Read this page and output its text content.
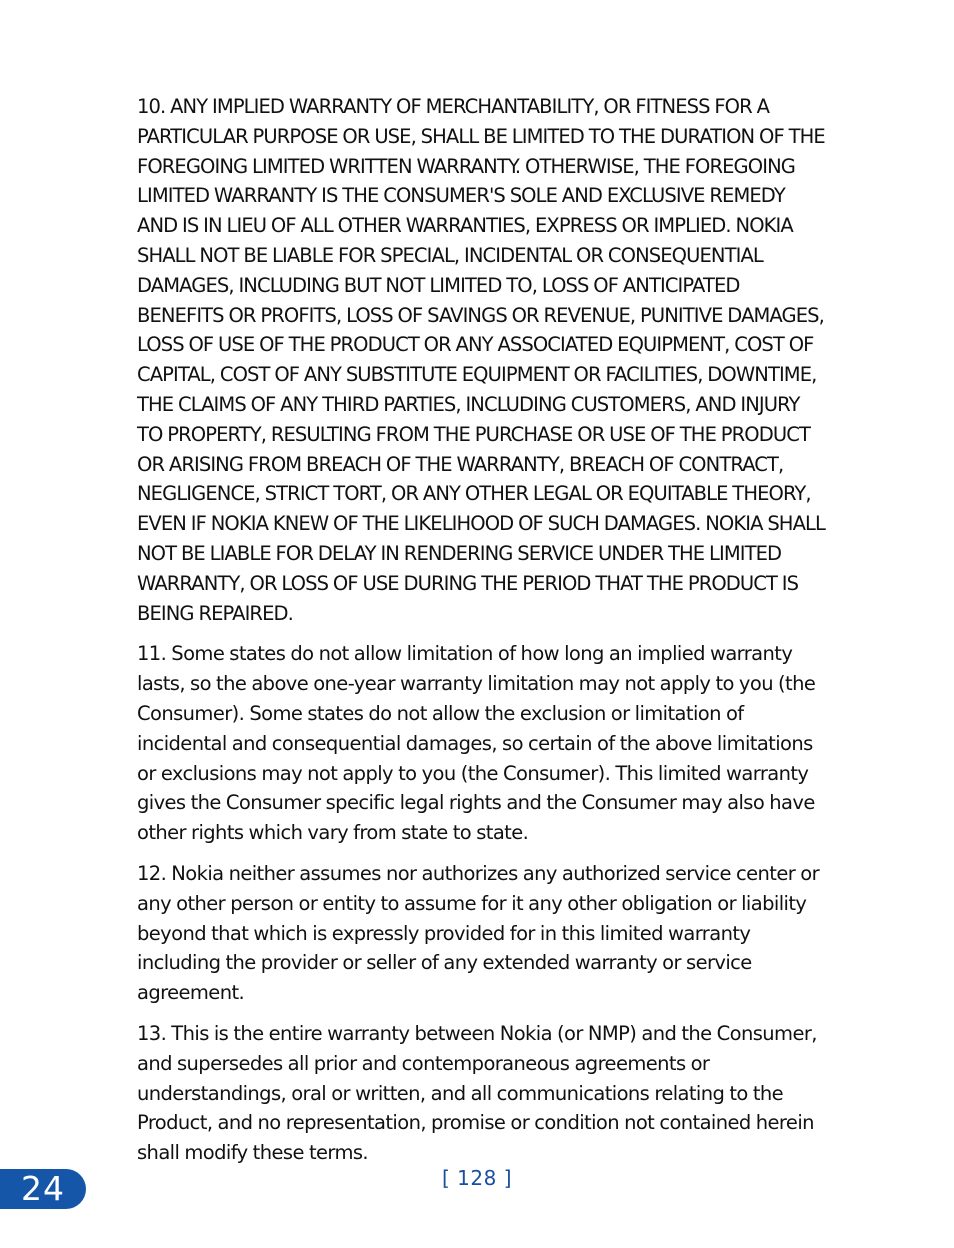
10. ANY IMPLIED WARRANTY OF MERCHANTABILITY, OR FITNESS FOR A PARTICULAR PURPOSE OR USE, SHALL BE LIMITED TO THE DURATION OF THE FOREGOING LIMITED WRITTEN WARRANTY. OTHERWISE, THE FOREGOING LIMITED WARRANTY IS THE CONSUMER'S SOLE AND EXCLUSIVE REMEDY AND IS IN LIEU OF ALL OTHER WARRANTIES, EXPRESS OR IMPLIED. NOKIA SHALL NOT BE LIABLE FOR SPECIAL, INCIDENTAL OR CONSEQUENTIAL DAMAGES, INCLUDING BUT NOT LIMITED TO, LOSS OF ANTICIPATED BENEFITS OR PROFITS, LOSS OF SAVINGS OR REVENUE, PUNITIVE DAMAGES, LOSS OF USE OF THE PRODUCT OR ANY ASSOCIATED EQUIPMENT, COST OF CAPITAL, COST OF ANY SUBSTITUTE EQUIPMENT OR FACILITIES, DOWNTIME, THE CLAIMS OF ANY THIRD PARTIES, INCLUDING CUSTOMERS, AND INJURY TO PROPERTY, RESULTING FROM THE PURCHASE OR USE OF THE PRODUCT OR ARISING FROM BREACH OF THE WARRANTY, BREACH OF CONTRACT, NEGLIGENCE, STRICT TORT, OR ANY OTHER LEGAL OR EQUITABLE THEORY, EVEN IF NOKIA KNEW OF THE LIKELIHOOD OF SUCH DAMAGES. NOKIA SHALL NOT BE LIABLE FOR DELAY IN RENDERING SERVICE UNDER THE LIMITED WARRANTY, OR LOSS OF USE DURING THE PERIOD THAT THE PRODUCT IS BEING REPAIRED.

11. Some states do not allow limitation of how long an implied warranty lasts, so the above one-year warranty limitation may not apply to you (the Consumer). Some states do not allow the exclusion or limitation of incidental and consequential damages, so certain of the above limitations or exclusions may not apply to you (the Consumer). This limited warranty gives the Consumer specific legal rights and the Consumer may also have other rights which vary from state to state.

12. Nokia neither assumes nor authorizes any authorized service center or any other person or entity to assume for it any other obligation or liability beyond that which is expressly provided for in this limited warranty including the provider or seller of any extended warranty or service agreement.

13. This is the entire warranty between Nokia (or NMP) and the Consumer, and supersedes all prior and contemporaneous agreements or understandings, oral or written, and all communications relating to the Product, and no representation, promise or condition not contained herein shall modify these terms.

24	[ 128 ]
